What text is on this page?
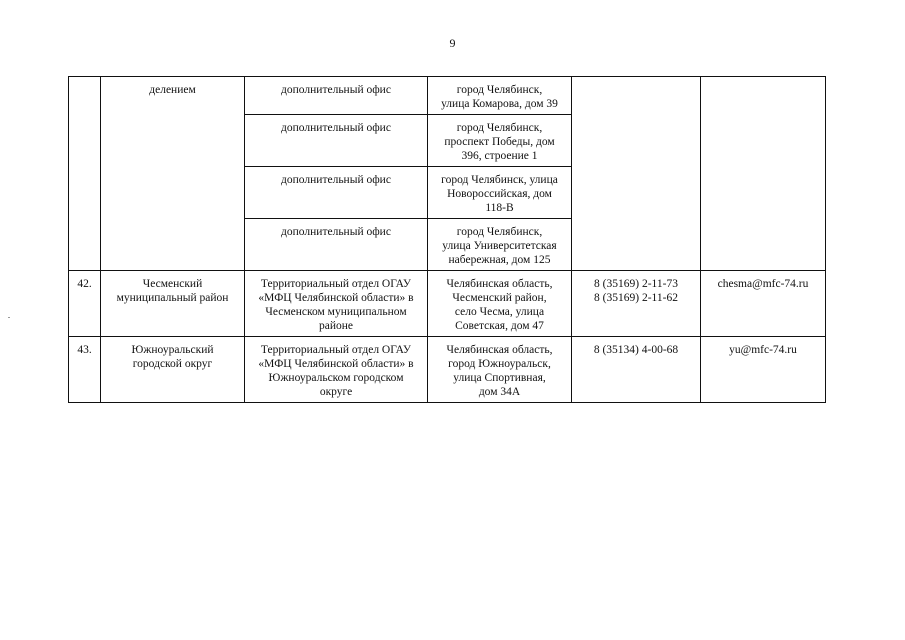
9

	делением	дополнительный офис	город Челябинск,
улица Комарова, дом 39		

		дополнительный офис	город Челябинск,
проспект Победы, дом
396, строение 1		

		дополнительный офис	город Челябинск, улица
Новороссийская, дом
118-В		

		дополнительный офис	город Челябинск,
улица Университетская
набережная, дом 125		

42.	Чесменский
муниципальный район	Территориальный отдел ОГАУ
«МФЦ Челябинской области» в
Чесменском муниципальном
районе	Челябинская область,
Чесменский район,
село Чесма, улица
Советская, дом 47	8 (35169) 2-11-73
8 (35169) 2-11-62	chesma@mfc-74.ru
43.	Южноуральский
городской округ	Территориальный отдел ОГАУ
«МФЦ Челябинской области» в
Южноуральском городском
округе	Челябинская область,
город Южноуральск,
улица Спортивная,
дом 34А	8 (35134) 4-00-68	yu@mfc-74.ru
